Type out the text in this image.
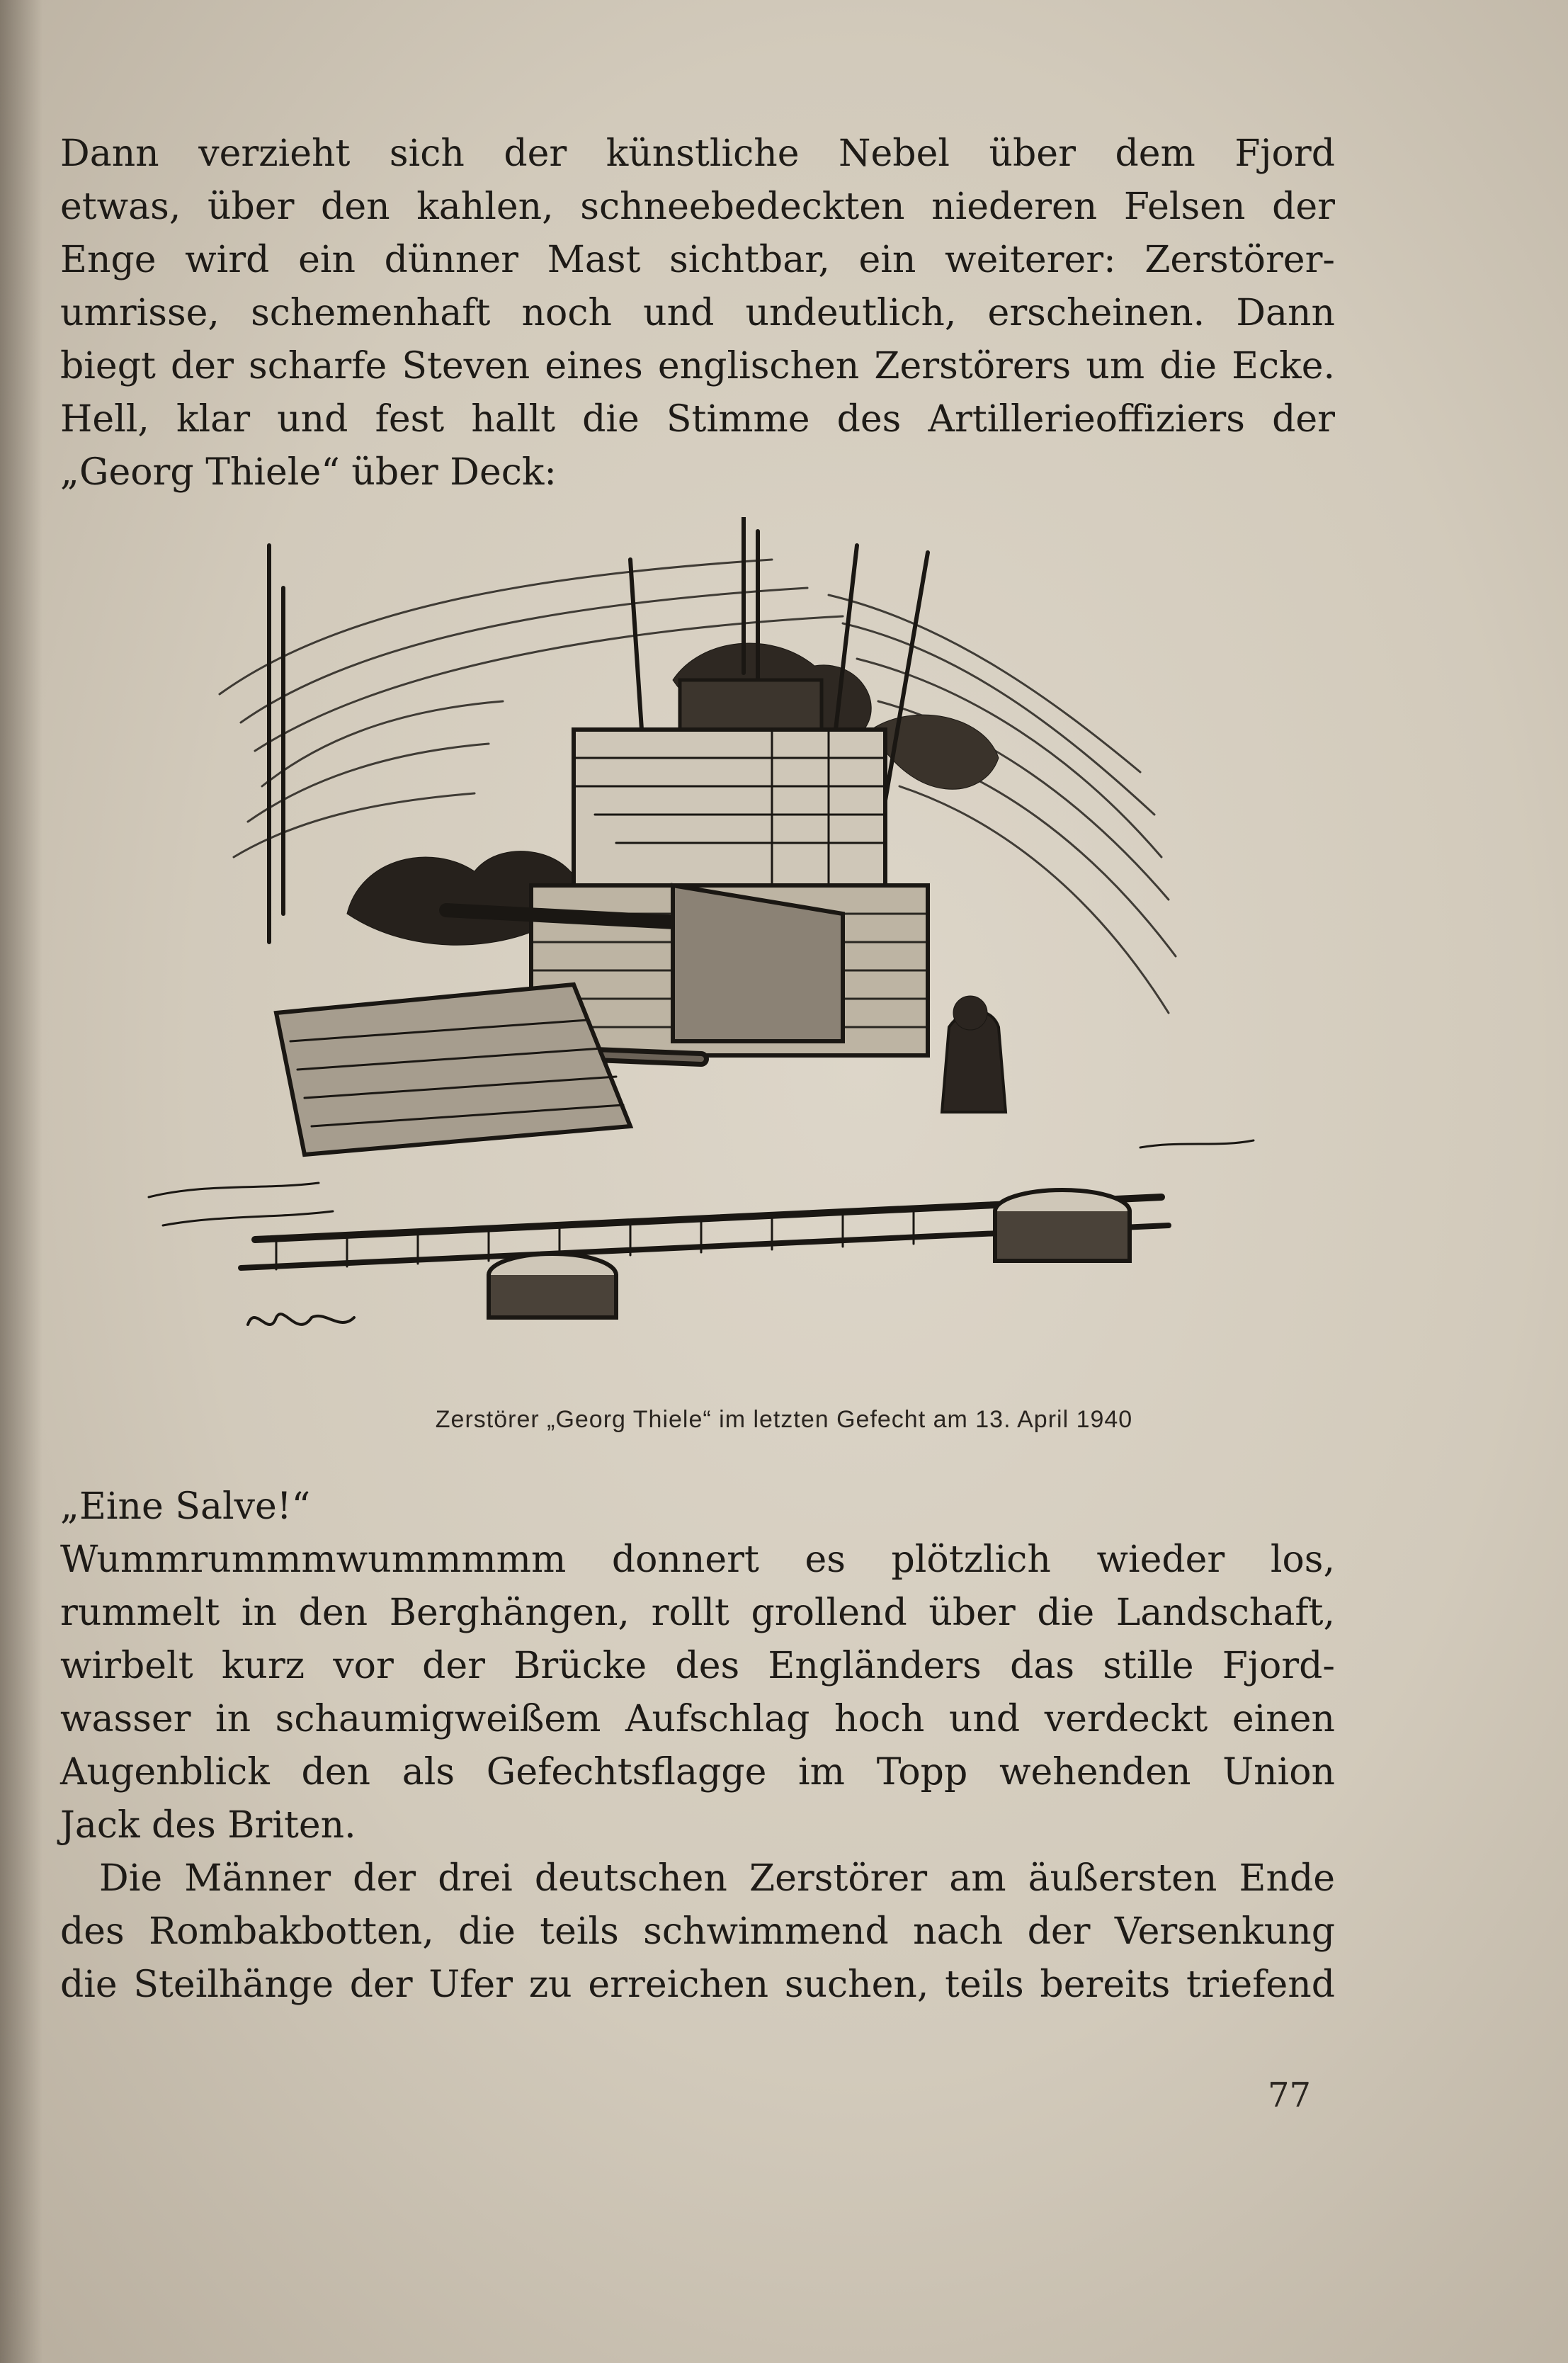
Dann verzieht sich der künstliche Nebel über dem Fjord

etwas, über den kahlen, schneebedeckten niederen Felsen der

Enge wird ein dünner Mast sichtbar, ein weiterer: Zerstörer-

umrisse, schemenhaft noch und undeutlich, erscheinen. Dann

biegt der scharfe Steven eines englischen Zerstörers um die Ecke.

Hell, klar und fest hallt die Stimme des Artillerieoffiziers der

„Georg Thiele“ über Deck:

Zerstörer „Georg Thiele“ im letzten Gefecht am 13. April 1940

„Eine Salve!“

Wummrummmwummmmm donnert es plötzlich wieder los,

rummelt in den Berghängen, rollt grollend über die Landschaft,

wirbelt kurz vor der Brücke des Engländers das stille Fjord-

wasser in schaumigweißem Aufschlag hoch und verdeckt einen

Augenblick den als Gefechtsflagge im Topp wehenden Union

Jack des Briten.

Die Männer der drei deutschen Zerstörer am äußersten Ende

des Rombakbotten, die teils schwimmend nach der Versenkung

die Steilhänge der Ufer zu erreichen suchen, teils bereits triefend

77
